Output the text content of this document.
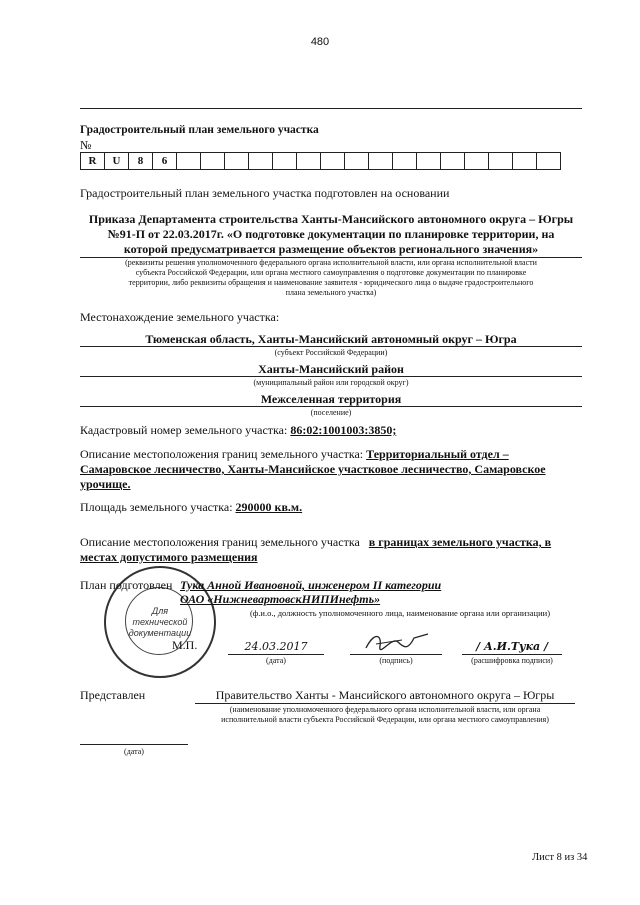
480
Градостроительный план земельного участка
№
R	U	8	6																
Градостроительный план земельного участка подготовлен на основании
Приказа Департамента строительства Ханты-Мансийского автономного округа – Югры
№91-П от 22.03.2017г. «О подготовке документации по планировке территории, на
которой предусматривается размещение объектов регионального значения»
(реквизиты решения уполномоченного федерального органа исполнительной власти, или органа исполнительной власти
субъекта Российской Федерации, или органа местного самоуправления о подготовке документации по планировке
территории, либо реквизиты обращения и наименование заявителя - юридического лица о выдаче градостроительного
плана земельного участка)
Местонахождение земельного участка:
Тюменская область, Ханты-Мансийский автономный округ – Югра
(субъект Российской Федерации)
Ханты-Мансийский район
(муниципальный район или городской округ)
Межселенная территория
(поселение)
Кадастровый номер земельного участка: 86:02:1001003:3850;
Описание местоположения границ земельного участка: Территориальный отдел –
Самаровское лесничество, Ханты-Мансийское участковое лесничество, Самаровское
урочище.
Площадь земельного участка: 290000 кв.м.
Описание местоположения границ земельного участка в границах земельного участка, в
местах допустимого размещения
Для
технической
документации
План подготовлен Тука Анной Ивановной, инженером II категории
ОАО «НижневартовскНИПИнефть»
(ф.и.о., должность уполномоченного лица, наименование органа или организации)
М.П.	24.03.2017
(дата)	(подпись)
/ А.И.Тука /
(расшифровка подписи)
Представлен	Правительство Ханты - Мансийского автономного округа – Югры
(наименование уполномоченного федерального органа исполнительной власти, или органа
исполнительной власти субъекта Российской Федерации, или органа местного самоуправления)
(дата)
Лист 8 из 34
